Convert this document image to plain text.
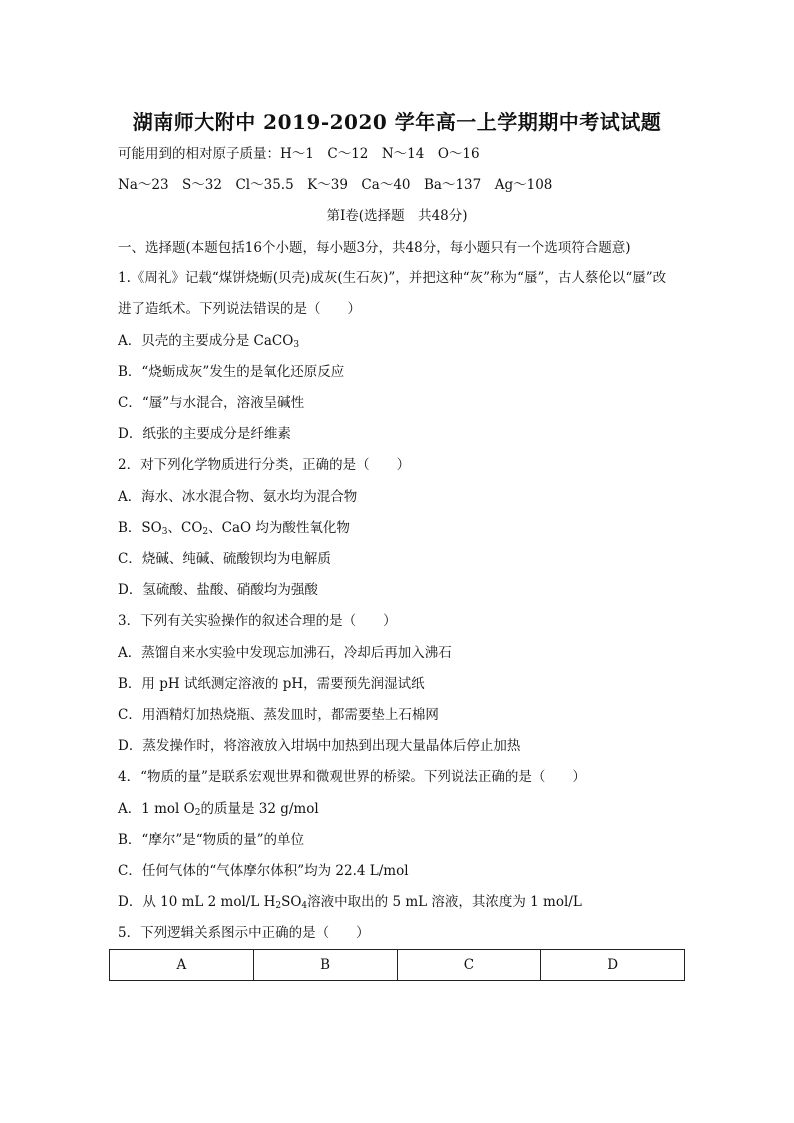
湖南师大附中 2019-2020 学年高一上学期期中考试试题
可能用到的相对原子质量：H～1　C～12　N～14　O～16
Na～23　S～32　Cl～35.5　K～39　Ca～40　Ba～137　Ag～108
第Ⅰ卷(选择题　共48分)
一、选择题(本题包括16个小题，每小题3分，共48分，每小题只有一个选项符合题意)
1.《周礼》记载“煤饼烧蛎(贝壳)成灰(生石灰)”，并把这种“灰”称为“蜃”，古人蔡伦以“蜃”改
进了造纸术。下列说法错误的是（　　）
A．贝壳的主要成分是 CaCO$_3$
B．“烧蛎成灰”发生的是氧化还原反应
C．“蜃”与水混合，溶液呈碱性
D．纸张的主要成分是纤维素
2．对下列化学物质进行分类，正确的是（　　）
A．海水、冰水混合物、氨水均为混合物
B．$SO_3$、$CO_2$、CaO 均为酸性氧化物
C．烧碱、纯碱、硫酸钡均为电解质
D．氢硫酸、盐酸、硝酸均为强酸
3．下列有关实验操作的叙述合理的是（　　）
A．蒸馏自来水实验中发现忘加沸石，冷却后再加入沸石
B．用 pH 试纸测定溶液的 pH，需要预先润湿试纸
C．用酒精灯加热烧瓶、蒸发皿时，都需要垫上石棉网
D．蒸发操作时，将溶液放入坩埚中加热到出现大量晶体后停止加热
4．“物质的量”是联系宏观世界和微观世界的桥梁。下列说法正确的是（　　）
A．1 mol $O_2$的质量是 32 g/mol
B．“摩尔”是“物质的量”的单位
C．任何气体的“气体摩尔体积”均为 22.4 L/mol
D．从 10 mL 2 mol/L $H_2SO_4$溶液中取出的 5 mL 溶液，其浓度为 1 mol/L
5．下列逻辑关系图示中正确的是（　　）
A	B	C	D
